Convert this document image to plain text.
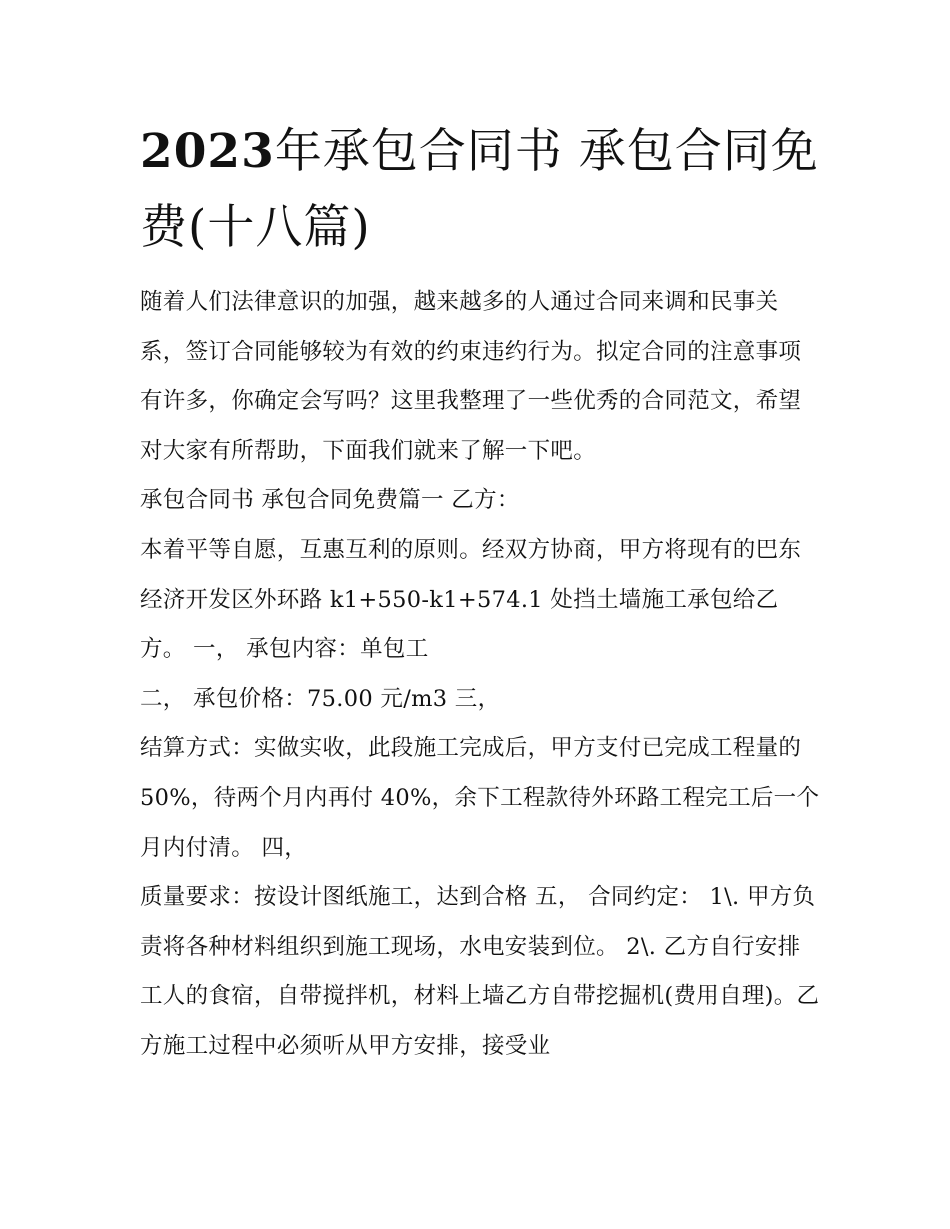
2023年承包合同书 承包合同免费(十八篇)

随着人们法律意识的加强，越来越多的人通过合同来调和民事关系，签订合同能够较为有效的约束违约行为。拟定合同的注意事项有许多，你确定会写吗？这里我整理了一些优秀的合同范文，希望对大家有所帮助，下面我们就来了解一下吧。

承包合同书 承包合同免费篇一 乙方：

本着平等自愿，互惠互利的原则。经双方协商，甲方将现有的巴东经济开发区外环路 k1+550-k1+574.1 处挡土墙施工承包给乙方。 一， 承包内容：单包工

二， 承包价格：75.00 元/m3 三，

结算方式：实做实收，此段施工完成后，甲方支付已完成工程量的 50%，待两个月内再付 40%，余下工程款待外环路工程完工后一个月内付清。 四，

质量要求：按设计图纸施工，达到合格 五， 合同约定： 1\. 甲方负责将各种材料组织到施工现场，水电安装到位。 2\. 乙方自行安排工人的食宿，自带搅拌机，材料上墙乙方自带挖掘机(费用自理)。乙方施工过程中必须听从甲方安排，接受业
